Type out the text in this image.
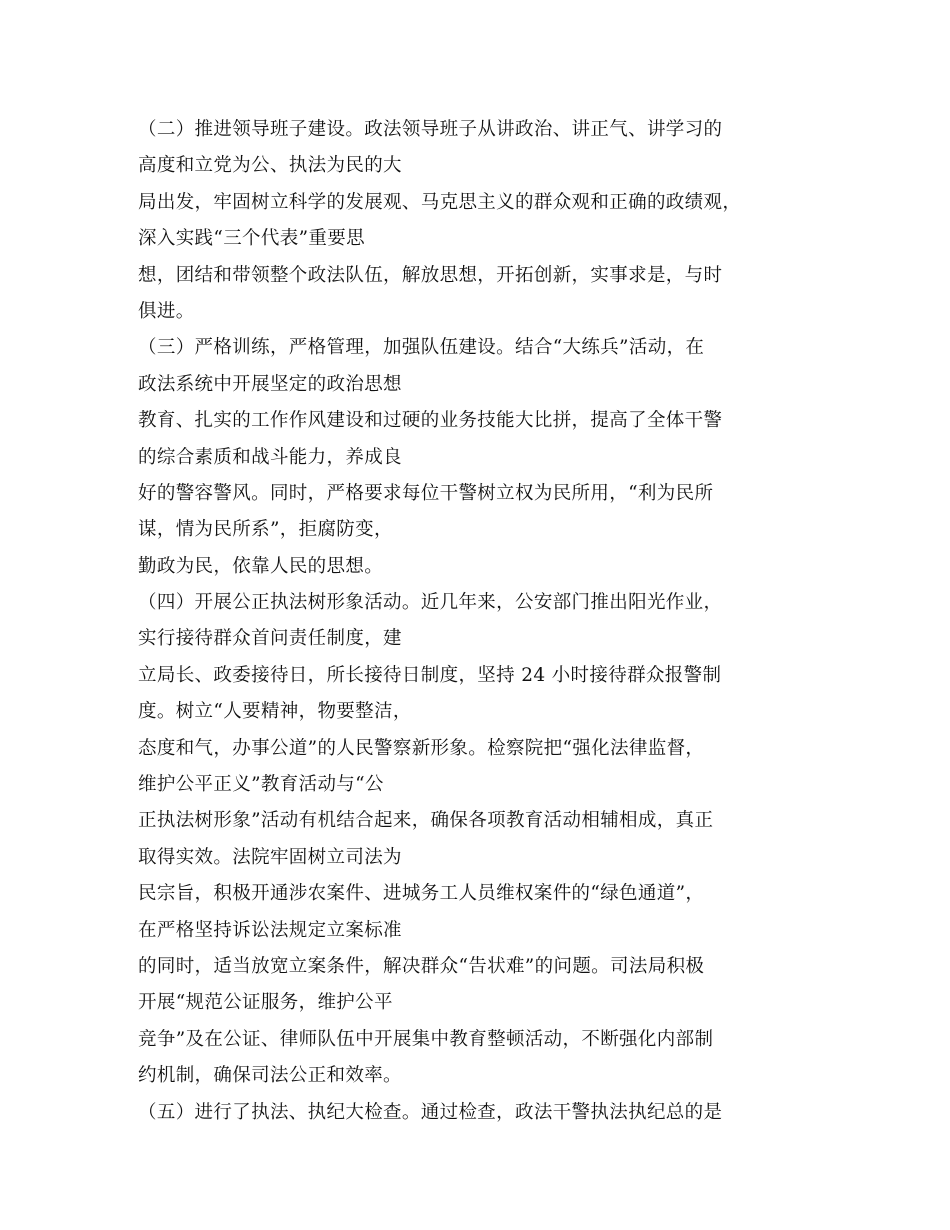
（二）推进领导班子建设。政法领导班子从讲政治、讲正气、讲学习的
高度和立党为公、执法为民的大
局出发，牢固树立科学的发展观、马克思主义的群众观和正确的政绩观，
深入实践“三个代表”重要思
想，团结和带领整个政法队伍，解放思想，开拓创新，实事求是，与时
俱进。
（三）严格训练，严格管理，加强队伍建设。结合“大练兵”活动，在
政法系统中开展坚定的政治思想
教育、扎实的工作作风建设和过硬的业务技能大比拼，提高了全体干警
的综合素质和战斗能力，养成良
好的警容警风。同时，严格要求每位干警树立权为民所用，“利为民所
谋，情为民所系”，拒腐防变，
勤政为民，依靠人民的思想。
（四）开展公正执法树形象活动。近几年来，公安部门推出阳光作业，
实行接待群众首问责任制度，建
立局长、政委接待日，所长接待日制度，坚持 24 小时接待群众报警制
度。树立“人要精神，物要整洁，
态度和气，办事公道”的人民警察新形象。检察院把“强化法律监督，
维护公平正义”教育活动与“公
正执法树形象”活动有机结合起来，确保各项教育活动相辅相成，真正
取得实效。法院牢固树立司法为
民宗旨，积极开通涉农案件、进城务工人员维权案件的“绿色通道”，
在严格坚持诉讼法规定立案标准
的同时，适当放宽立案条件，解决群众“告状难”的问题。司法局积极
开展“规范公证服务，维护公平
竞争”及在公证、律师队伍中开展集中教育整顿活动，不断强化内部制
约机制，确保司法公正和效率。
（五）进行了执法、执纪大检查。通过检查，政法干警执法执纪总的是
